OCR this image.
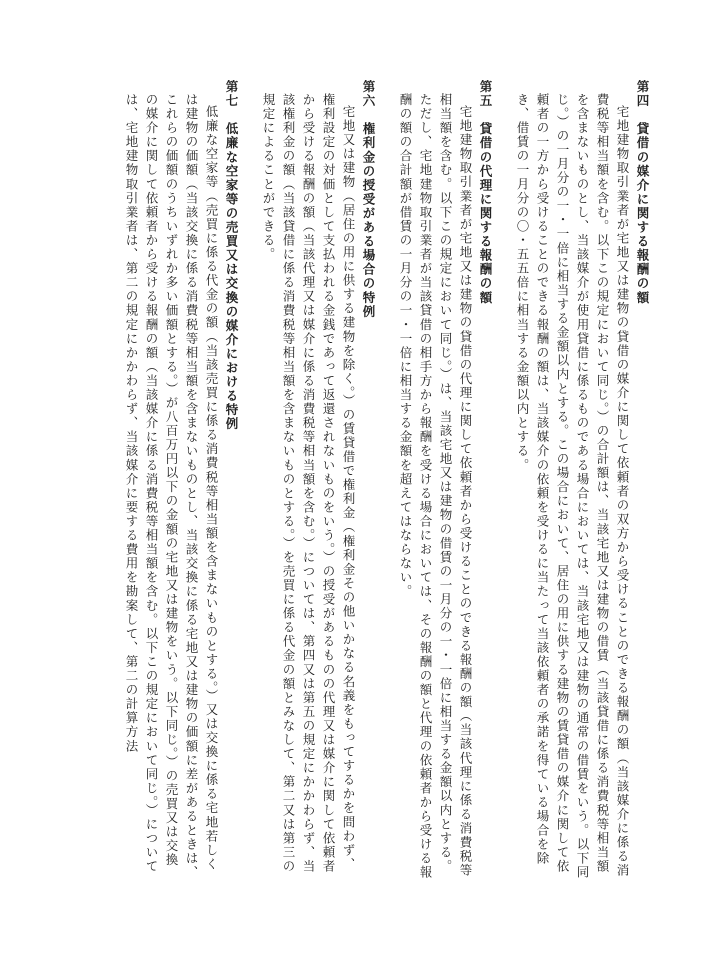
第四　貸借の媒介に関する報酬の額
宅地建物取引業者が宅地又は建物の貸借の媒介に関して依頼者の双方から受けることのできる報酬の額（当該媒介に係る消費税等相当額を含む。以下この規定において同じ。）の合計額は、当該宅地又は建物の借賃（当該貸借に係る消費税等相当額を含まないものとし、当該媒介が使用貸借に係るものである場合においては、当該宅地又は建物の通常の借賃をいう。以下同じ。）の一月分の一・一倍に相当する金額以内とする。この場合において、居住の用に供する建物の賃貸借の媒介に関して依頼者の一方から受けることのできる報酬の額は、当該媒介の依頼を受けるに当たって当該依頼者の承諾を得ている場合を除き、借賃の一月分の〇・五五倍に相当する金額以内とする。
第五　貸借の代理に関する報酬の額
宅地建物取引業者が宅地又は建物の貸借の代理に関して依頼者から受けることのできる報酬の額（当該代理に係る消費税等相当額を含む。以下この規定において同じ。）は、当該宅地又は建物の借賃の一月分の一・一倍に相当する金額以内とする。ただし、宅地建物取引業者が当該貸借の相手方から報酬を受ける場合においては、その報酬の額と代理の依頼者から受ける報酬の額の合計額が借賃の一月分の一・一倍に相当する金額を超えてはならない。
第六　権利金の授受がある場合の特例
宅地又は建物（居住の用に供する建物を除く。）の賃貸借で権利金（権利金その他いかなる名義をもってするかを問わず、権利設定の対価として支払われる金銭であって返還されないものをいう。）の授受があるものの代理又は媒介に関して依頼者から受ける報酬の額（当該代理又は媒介に係る消費税等相当額を含む。）については、第四又は第五の規定にかかわらず、当該権利金の額（当該貸借に係る消費税等相当額を含まないものとする。）を売買に係る代金の額とみなして、第二又は第三の規定によることができる。
第七　低廉な空家等の売買又は交換の媒介における特例
低廉な空家等（売買に係る代金の額（当該売買に係る消費税等相当額を含まないものとする。）又は交換に係る宅地若しくは建物の価額（当該交換に係る消費税等相当額を含まないものとし、当該交換に係る宅地又は建物の価額に差があるときは、これらの価額のうちいずれか多い価額とする。）が八百万円以下の金額の宅地又は建物をいう。以下同じ。）の売買又は交換の媒介に関して依頼者から受ける報酬の額（当該媒介に係る消費税等相当額を含む。以下この規定において同じ。）については、宅地建物取引業者は、第二の規定にかかわらず、当該媒介に要する費用を勘案して、第二の計算方法
